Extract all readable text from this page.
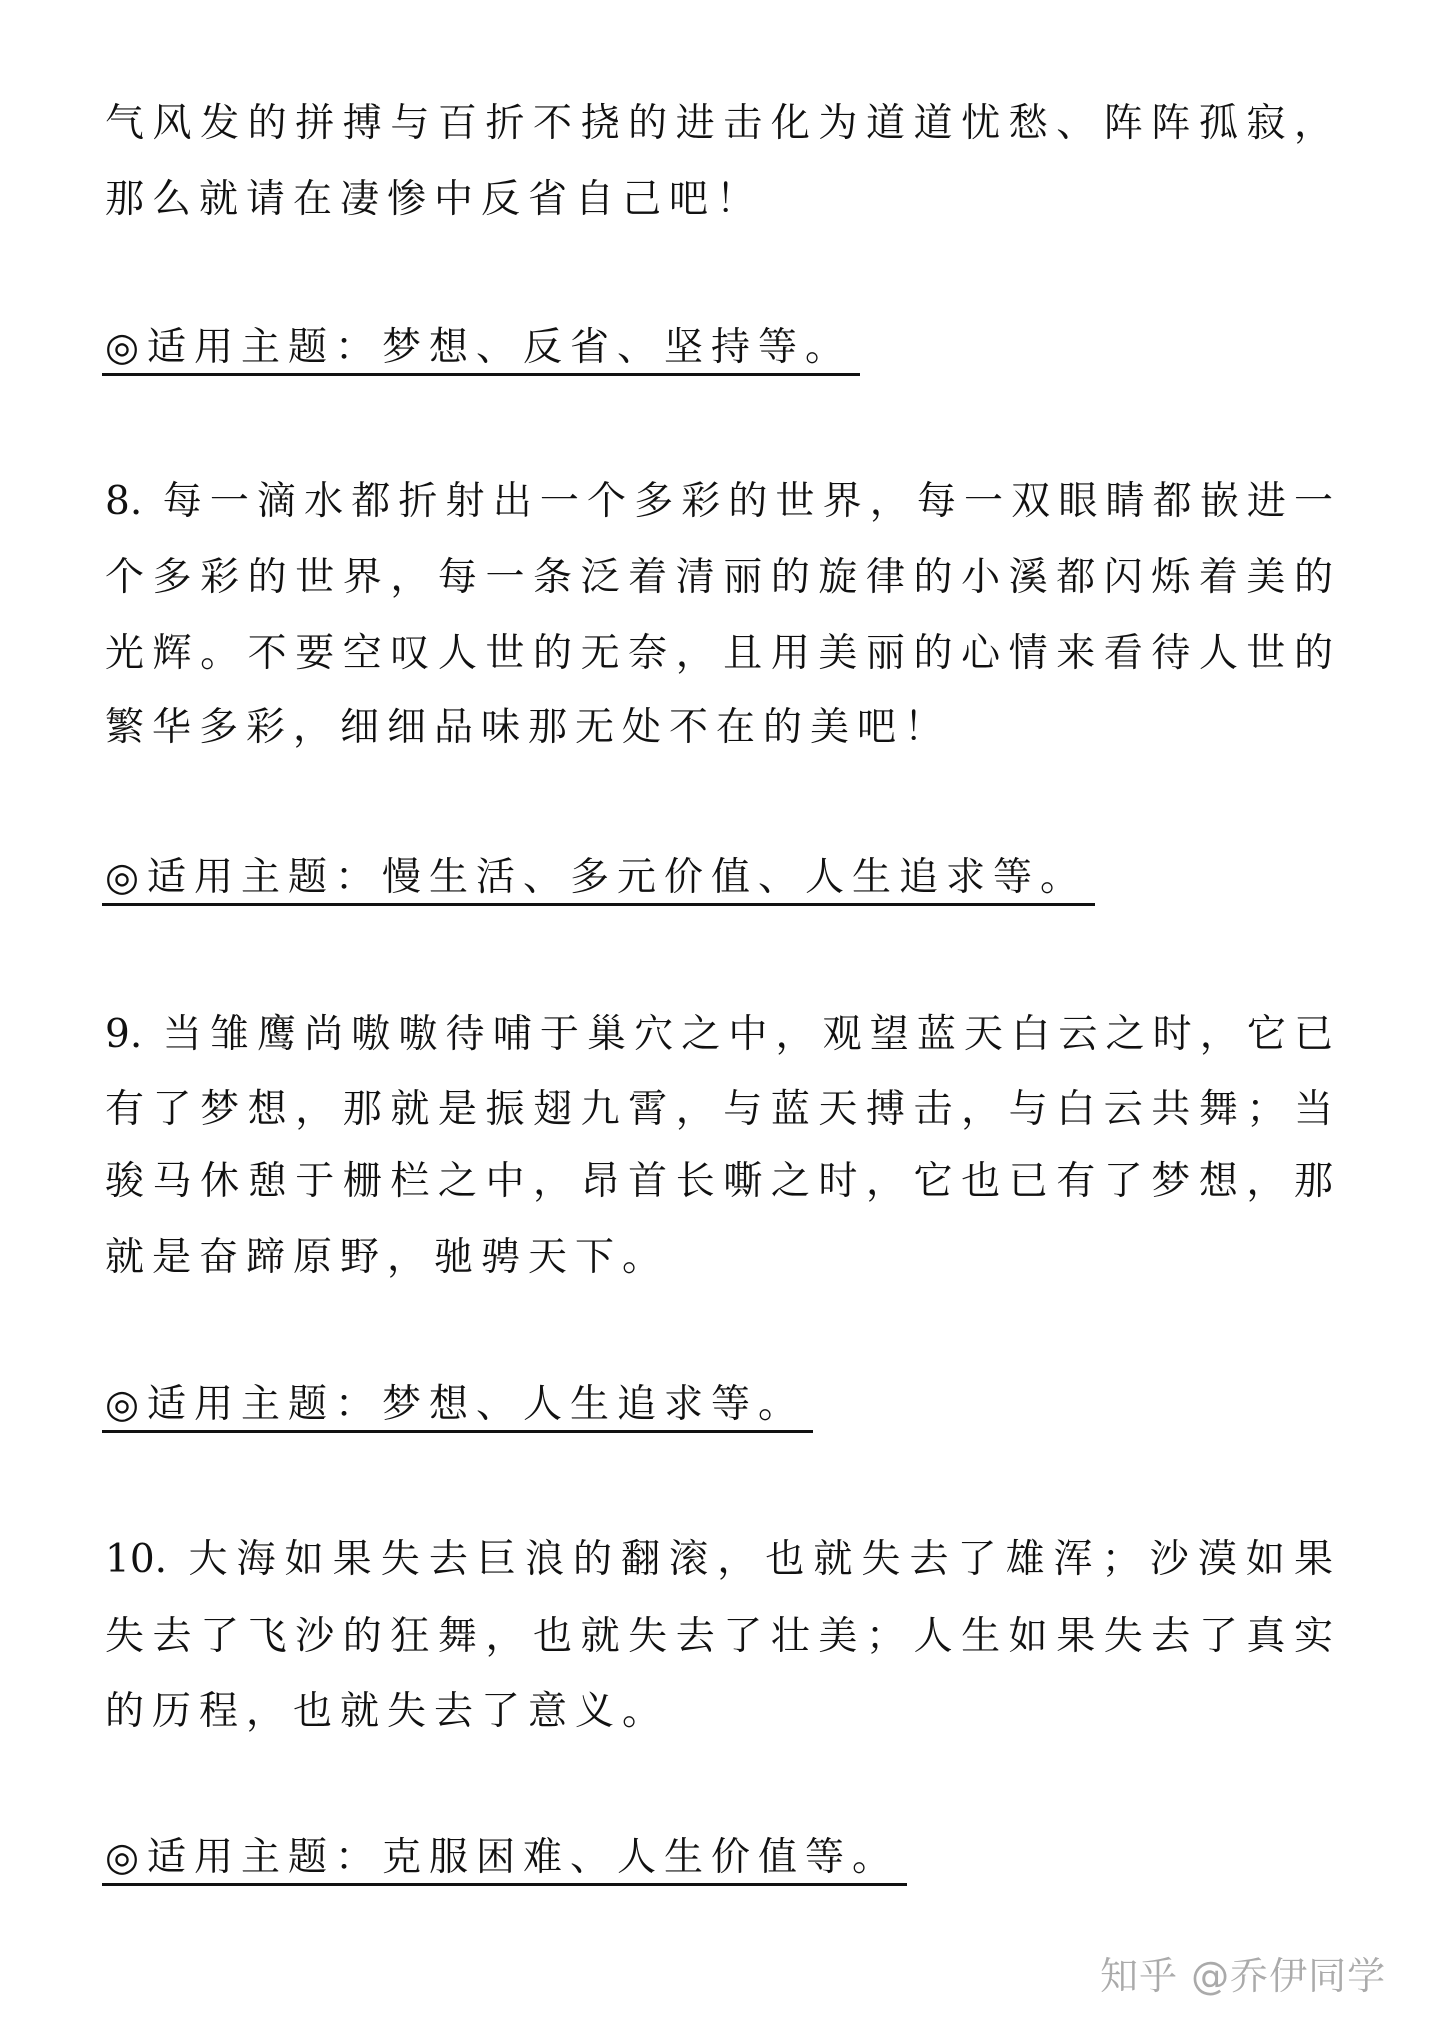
气风发的拼搏与百折不挠的进击化为道道忧愁、阵阵孤寂，
那么就请在凄惨中反省自己吧！
◎适用主题：梦想、反省、坚持等。
8. 每一滴水都折射出一个多彩的世界，每一双眼睛都嵌进一
个多彩的世界，每一条泛着清丽的旋律的小溪都闪烁着美的
光辉。不要空叹人世的无奈，且用美丽的心情来看待人世的
繁华多彩，细细品味那无处不在的美吧！
◎适用主题：慢生活、多元价值、人生追求等。
9. 当雏鹰尚嗷嗷待哺于巢穴之中，观望蓝天白云之时，它已
有了梦想，那就是振翅九霄，与蓝天搏击，与白云共舞；当
骏马休憩于栅栏之中，昂首长嘶之时，它也已有了梦想，那
就是奋蹄原野，驰骋天下。
◎适用主题：梦想、人生追求等。
10. 大海如果失去巨浪的翻滚，也就失去了雄浑；沙漠如果
失去了飞沙的狂舞，也就失去了壮美；人生如果失去了真实
的历程，也就失去了意义。
◎适用主题：克服困难、人生价值等。
知乎 @乔伊同学
